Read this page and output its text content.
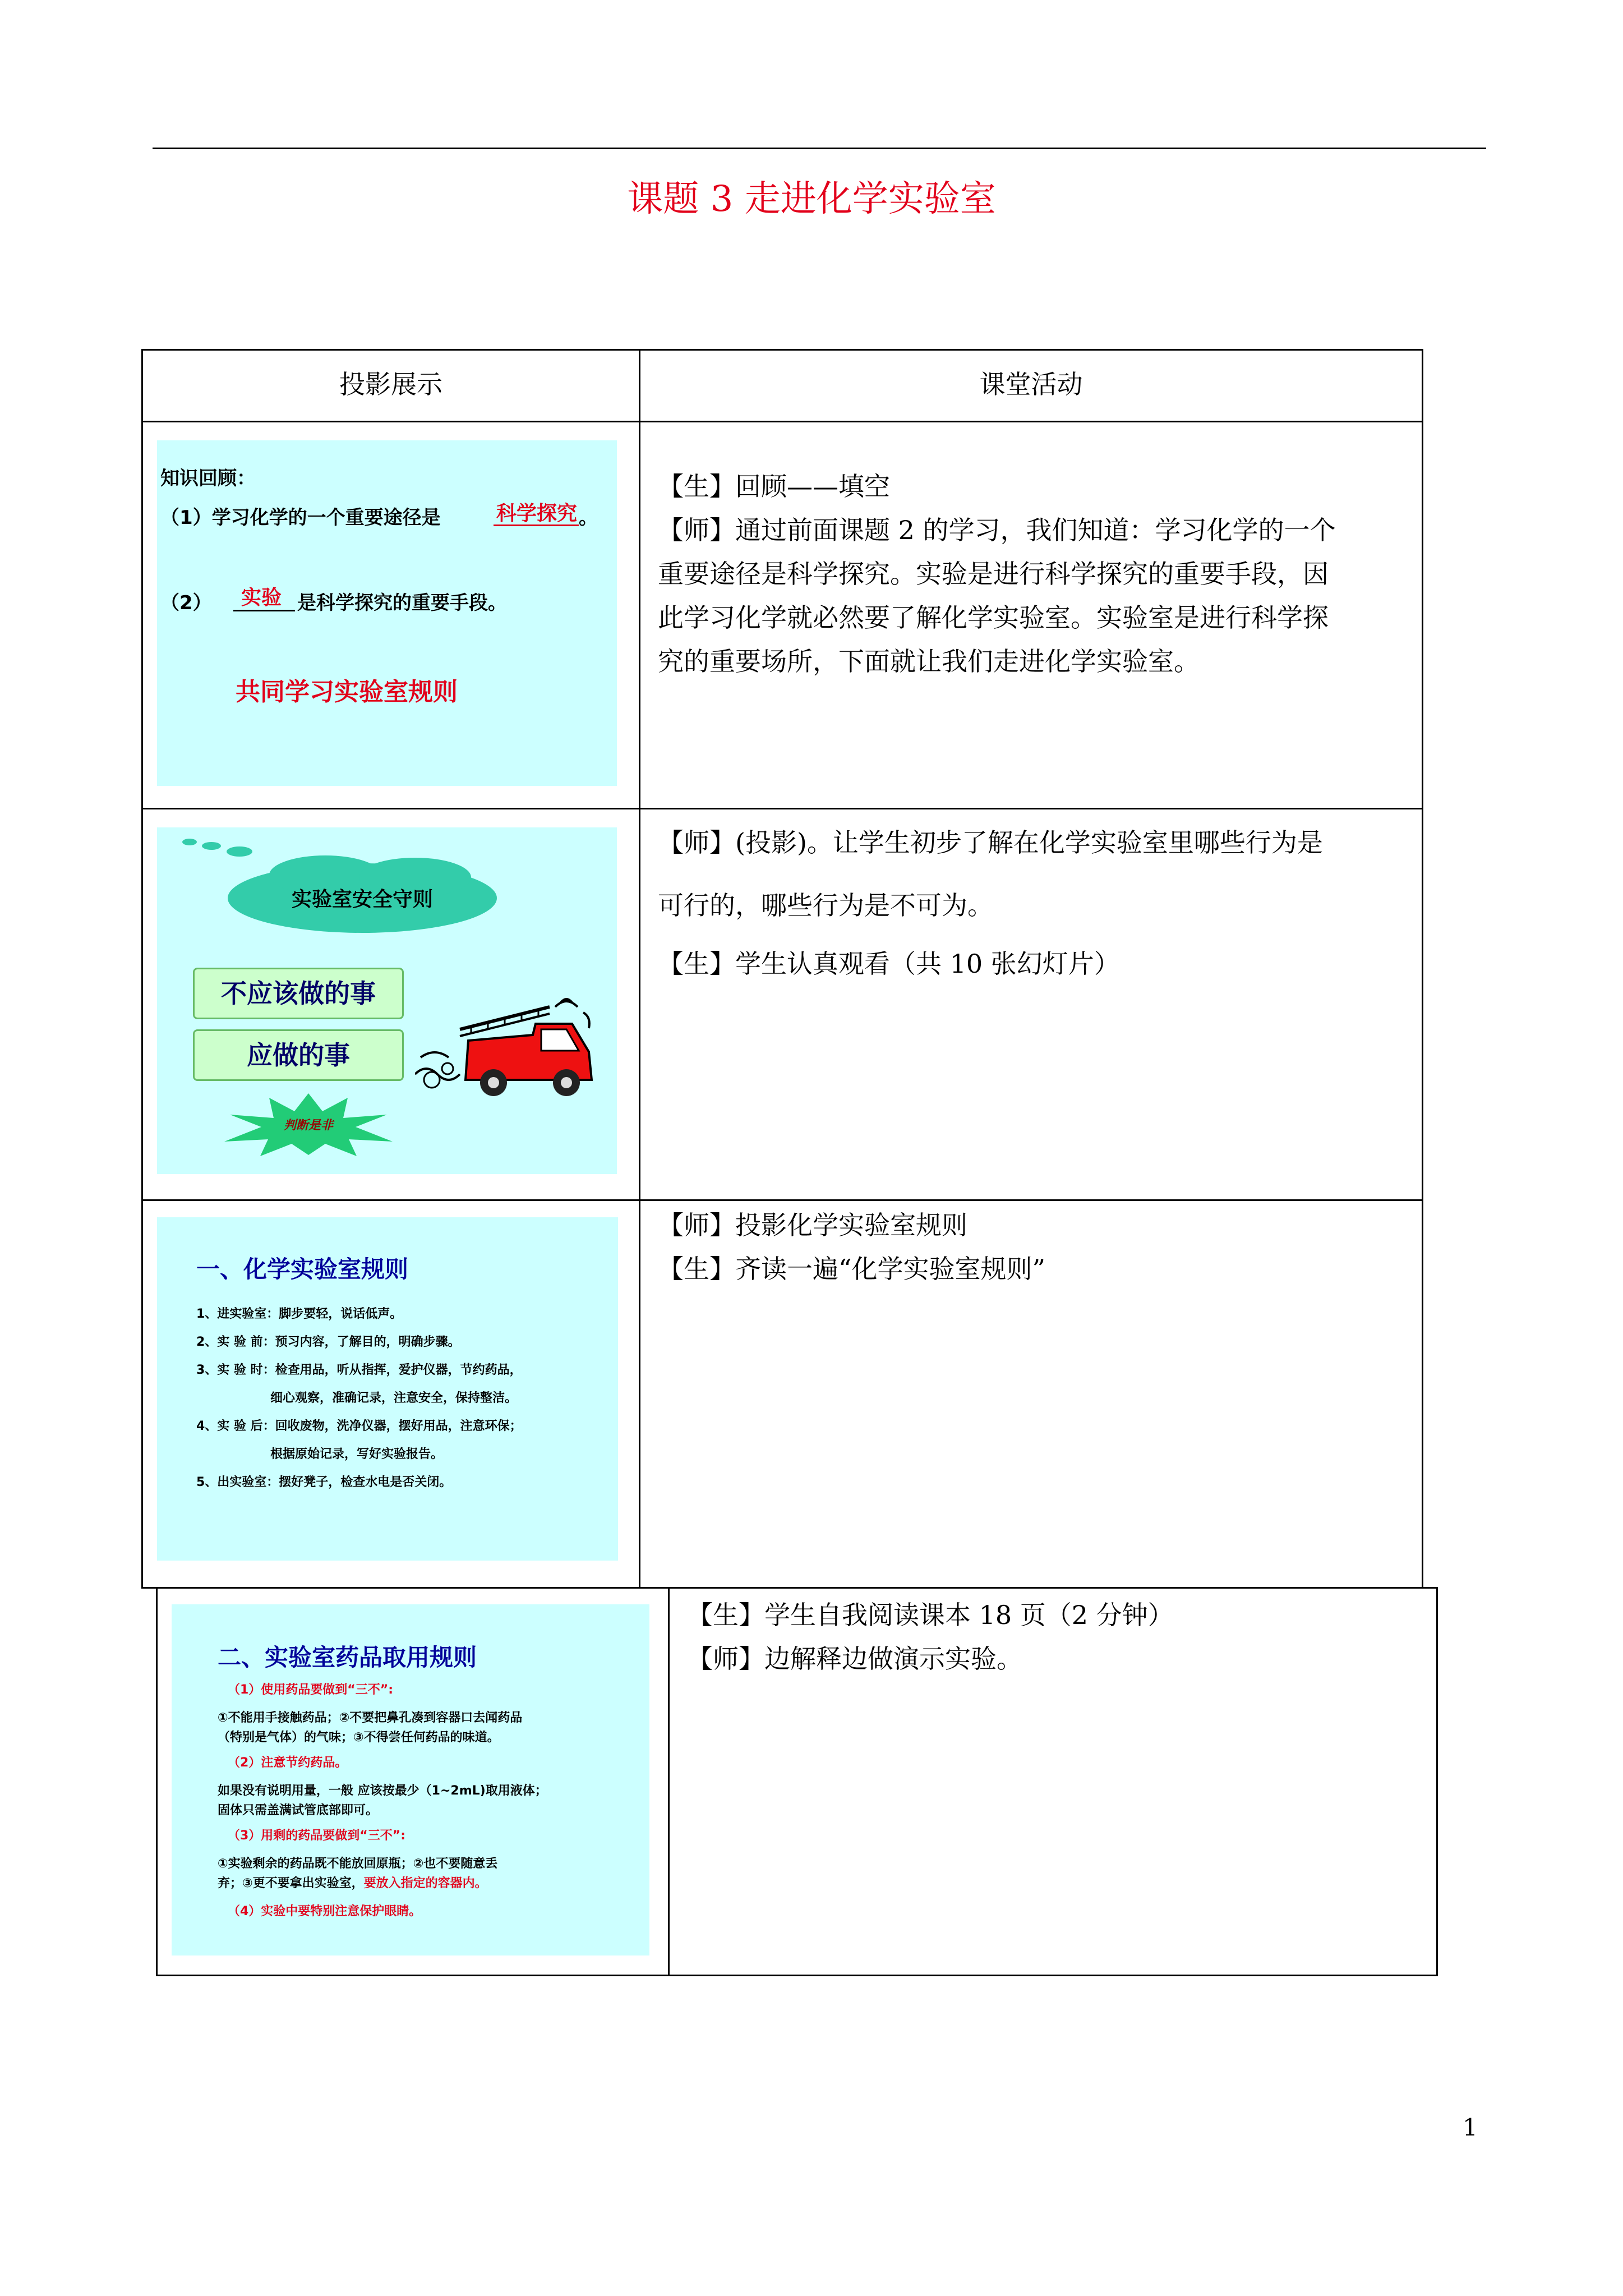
课题 3 走进化学实验室
投影展示	课堂活动

【生】回顾——填空

【师】通过前面课题 2 的学习，我们知道：学习化学的一个

重要途径是科学探究。实验是进行科学探究的重要手段，因

此学习化学就必然要了解化学实验室。实验室是进行科学探

究的重要场所，下面就让我们走进化学实验室。

【师】(投影)。让学生初步了解在化学实验室里哪些行为是

可行的，哪些行为是不可为。

【生】学生认真观看（共 10 张幻灯片）

【师】投影化学实验室规则

【生】齐读一遍“化学实验室规则”

知识回顾：
（1）学习化学的一个重要途径是	科学探究 。
（2） 实验 是科学探究的重要手段。
共同学习实验室规则
实验室安全守则
不应该做的事
应做的事
判断是非
一、化学实验室规则
1、进实验室：脚步要轻，说话低声。
2、实 验 前：预习内容，了解目的，明确步骤。
3、实 验 时：检查用品，听从指挥，爱护仪器，节约药品，
　　　　　　细心观察，准确记录，注意安全，保持整洁。
4、实 验 后：回收废物，洗净仪器，摆好用品，注意环保；
　　　　　　根据原始记录，写好实验报告。
5、出实验室：摆好凳子，检查水电是否关闭。

【生】学生自我阅读课本 18 页（2 分钟）

【师】边解释边做演示实验。

二、实验室药品取用规则
（1）使用药品要做到“三不”:
①不能用手接触药品；②不要把鼻孔凑到容器口去闻药品
（特别是气体）的气味；③不得尝任何药品的味道。
（2）注意节约药品。
如果没有说明用量，一般 应该按最少（1~2mL)取用液体；
固体只需盖满试管底部即可。
（3）用剩的药品要做到“三不”:
①实验剩余的药品既不能放回原瓶；②也不要随意丢
弃；③更不要拿出实验室，要放入指定的容器内。
（4）实验中要特别注意保护眼睛。
1
